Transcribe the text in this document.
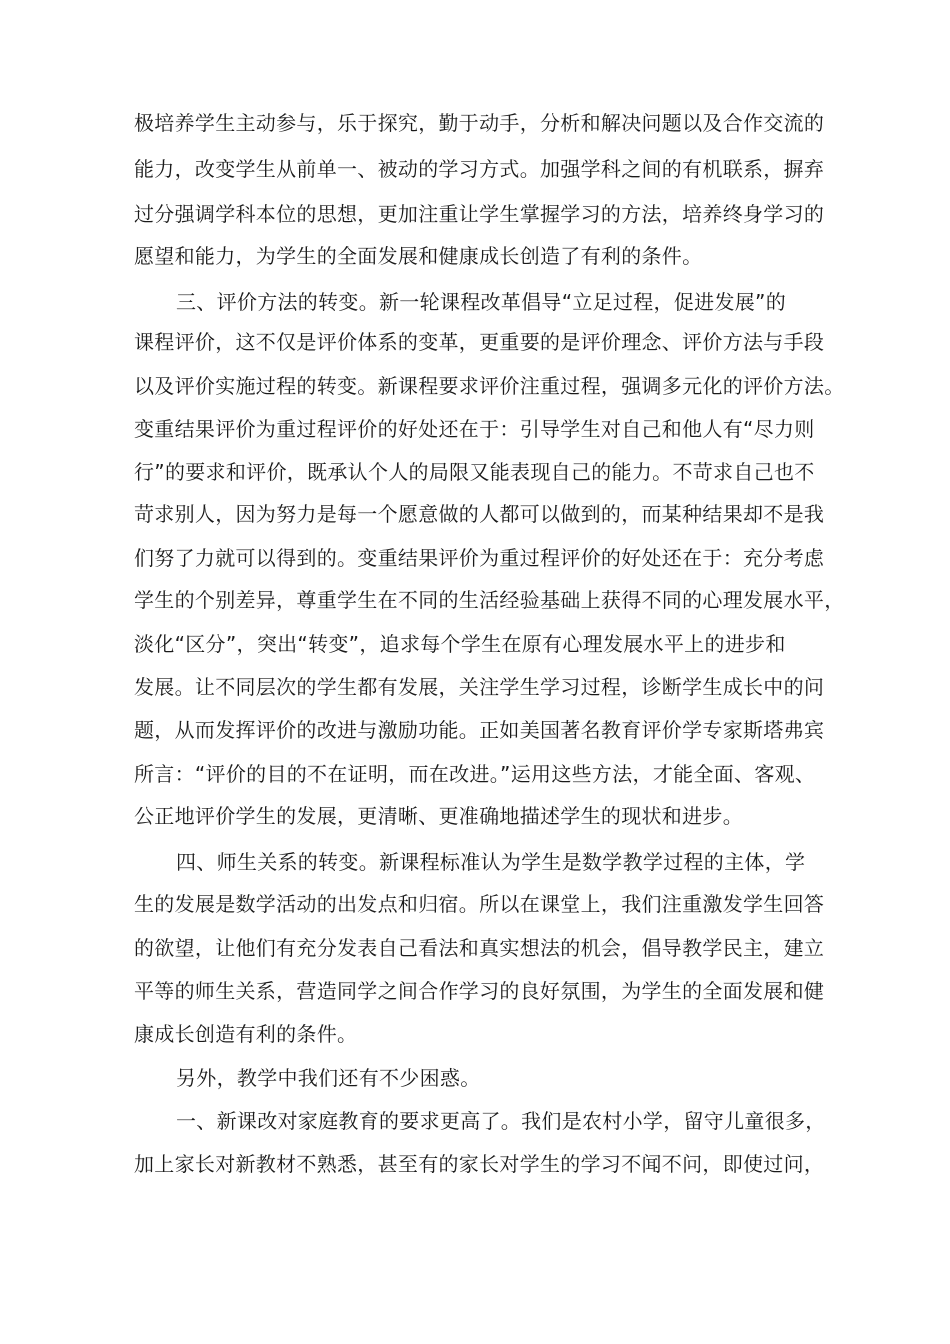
极培养学生主动参与，乐于探究，勤于动手，分析和解决问题以及合作交流的
能力，改变学生从前单一、被动的学习方式。加强学科之间的有机联系，摒弃
过分强调学科本位的思想，更加注重让学生掌握学习的方法，培养终身学习的
愿望和能力，为学生的全面发展和健康成长创造了有利的条件。
三、评价方法的转变。新一轮课程改革倡导“立足过程，促进发展”的
课程评价，这不仅是评价体系的变革，更重要的是评价理念、评价方法与手段
以及评价实施过程的转变。新课程要求评价注重过程，强调多元化的评价方法。
变重结果评价为重过程评价的好处还在于：引导学生对自己和他人有“尽力则
行”的要求和评价，既承认个人的局限又能表现自己的能力。不苛求自己也不
苛求别人，因为努力是每一个愿意做的人都可以做到的，而某种结果却不是我
们努了力就可以得到的。变重结果评价为重过程评价的好处还在于：充分考虑
学生的个别差异，尊重学生在不同的生活经验基础上获得不同的心理发展水平，
淡化“区分”，突出“转变”，追求每个学生在原有心理发展水平上的进步和
发展。让不同层次的学生都有发展，关注学生学习过程，诊断学生成长中的问
题，从而发挥评价的改进与激励功能。正如美国著名教育评价学专家斯塔弗宾
所言：“评价的目的不在证明，而在改进。”运用这些方法，才能全面、客观、
公正地评价学生的发展，更清晰、更准确地描述学生的现状和进步。
四、师生关系的转变。新课程标准认为学生是数学教学过程的主体，学
生的发展是数学活动的出发点和归宿。所以在课堂上，我们注重激发学生回答
的欲望，让他们有充分发表自己看法和真实想法的机会，倡导教学民主，建立
平等的师生关系，营造同学之间合作学习的良好氛围，为学生的全面发展和健
康成长创造有利的条件。
另外，教学中我们还有不少困惑。
一、新课改对家庭教育的要求更高了。我们是农村小学，留守儿童很多，
加上家长对新教材不熟悉，甚至有的家长对学生的学习不闻不问，即使过问，
